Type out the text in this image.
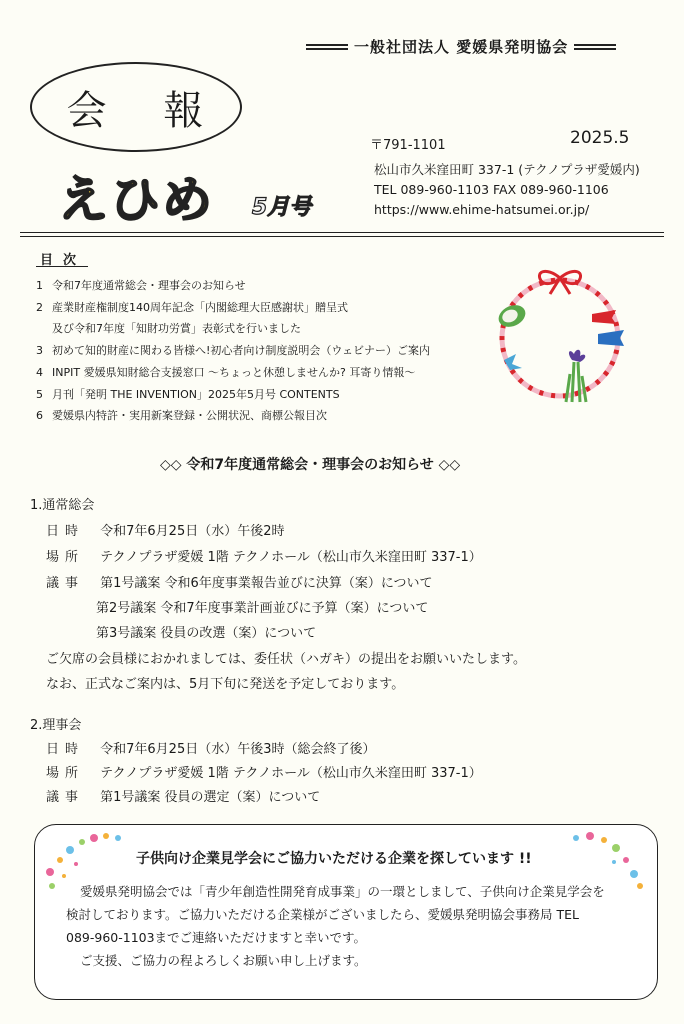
一般社団法人 愛媛県発明協会
会 報
えひめ 5月号
〒791-1101	2025.5
松山市久米窪田町 337-1 (テクノプラザ愛媛内)
TEL 089-960-1103 FAX 089-960-1106
https://www.ehime-hatsumei.or.jp/
目次
1 令和7年度通常総会・理事会のお知らせ
2 産業財産権制度140周年記念「内閣総理大臣感謝状」贈呈式
及び令和7年度「知財功労賞」表彰式を行いました
3 初めて知的財産に関わる皆様へ!初心者向け制度説明会（ウェビナー）ご案内
4 INPIT 愛媛県知財総合支援窓口 ～ちょっと休憩しませんか? 耳寄り情報～
5 月刊「発明 THE INVENTION」2025年5月号 CONTENTS
6 愛媛県内特許・実用新案登録・公開状況、商標公報目次
◇◇ 令和7年度通常総会・理事会のお知らせ ◇◇
1.通常総会
日時 令和7年6月25日（水）午後2時
場所 テクノプラザ愛媛 1階 テクノホール（松山市久米窪田町 337-1）
議事 第1号議案 令和6年度事業報告並びに決算（案）について
第2号議案 令和7年度事業計画並びに予算（案）について
第3号議案 役員の改選（案）について
ご欠席の会員様におかれましては、委任状（ハガキ）の提出をお願いいたします。
なお、正式なご案内は、5月下旬に発送を予定しております。
2.理事会
日時 令和7年6月25日（水）午後3時（総会終了後）
場所 テクノプラザ愛媛 1階 テクノホール（松山市久米窪田町 337-1）
議事 第1号議案 役員の選定（案）について
子供向け企業見学会にご協力いただける企業を探しています !!

愛媛県発明協会では「青少年創造性開発育成事業」の一環としまして、子供向け企業見学会を

検討しております。ご協力いただける企業様がございましたら、愛媛県発明協会事務局 TEL

089-960-1103までご連絡いただけますと幸いです。

ご支援、ご協力の程よろしくお願い申し上げます。
